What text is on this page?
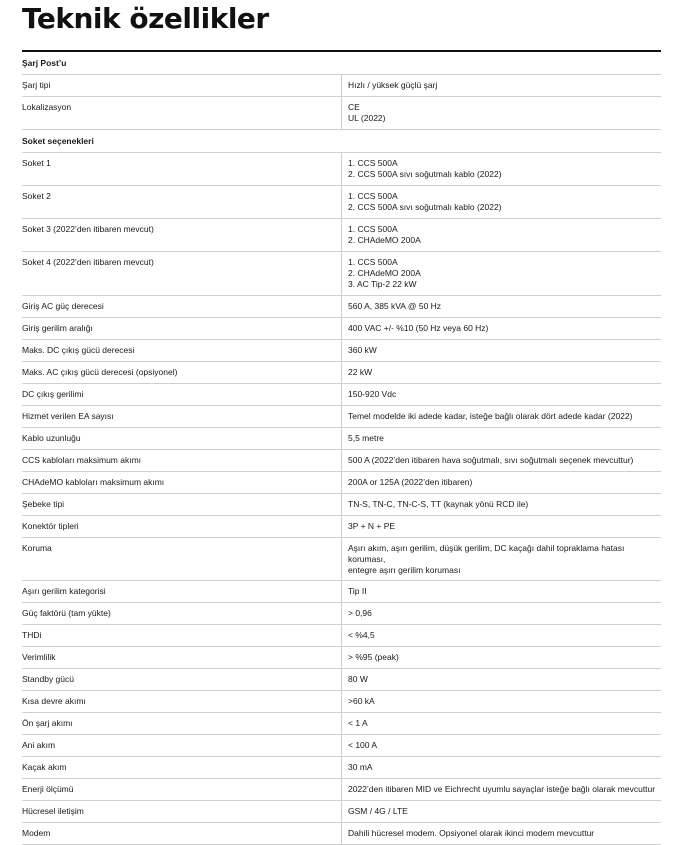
Teknik özellikler
Şarj Post’u	
Şarj tipi	Hızlı / yüksek güçlü şarj
Lokalizasyon	CE
UL (2022)
Soket seçenekleri	
Soket 1	1. CCS 500A
2. CCS 500A sıvı soğutmalı kablo (2022)
Soket 2	1. CCS 500A
2. CCS 500A sıvı soğutmalı kablo (2022)
Soket 3 (2022’den itibaren mevcut)	1. CCS 500A
2. CHAdeMO 200A
Soket 4 (2022’den itibaren mevcut)	1. CCS 500A
2. CHAdeMO 200A
3. AC Tip-2 22 kW
Giriş AC güç derecesi	560 A, 385 kVA @ 50 Hz
Giriş gerilim aralığı	400 VAC +/- %10 (50 Hz veya 60 Hz)
Maks. DC çıkış gücü derecesi	360 kW
Maks. AC çıkış gücü derecesi (opsiyonel)	22 kW
DC çıkış gerilimi	150-920 Vdc
Hizmet verilen EA sayısı	Temel modelde iki adede kadar, isteğe bağlı olarak dört adede kadar (2022)
Kablo uzunluğu	5,5 metre
CCS kabloları maksimum akımı	500 A (2022’den itibaren hava soğutmalı, sıvı soğutmalı seçenek mevcuttur)
CHAdeMO kabloları maksimum akımı	200A or 125A (2022’den itibaren)
Şebeke tipi	TN-S, TN-C, TN-C-S, TT (kaynak yönü RCD ile)
Konektör tipleri	3P + N + PE
Koruma	Aşırı akım, aşırı gerilim, düşük gerilim, DC kaçağı dahil topraklama hatası koruması,
entegre aşırı gerilim koruması
Aşırı gerilim kategorisi	Tip II
Güç faktörü (tam yükte)	> 0,96
THDi	< %4,5
Verimlilik	> %95 (peak)
Standby gücü	80 W
Kısa devre akımı	>60 kA
Ön şarj akımı	< 1 A
Ani akım	< 100 A
Kaçak akım	30 mA
Enerji ölçümü	2022’den itibaren MID ve Eichrecht uyumlu sayaçlar isteğe bağlı olarak mevcuttur
Hücresel iletişim	GSM / 4G / LTE
Modem	Dahili hücresel modem. Opsiyonel olarak ikinci modem mevcuttur
